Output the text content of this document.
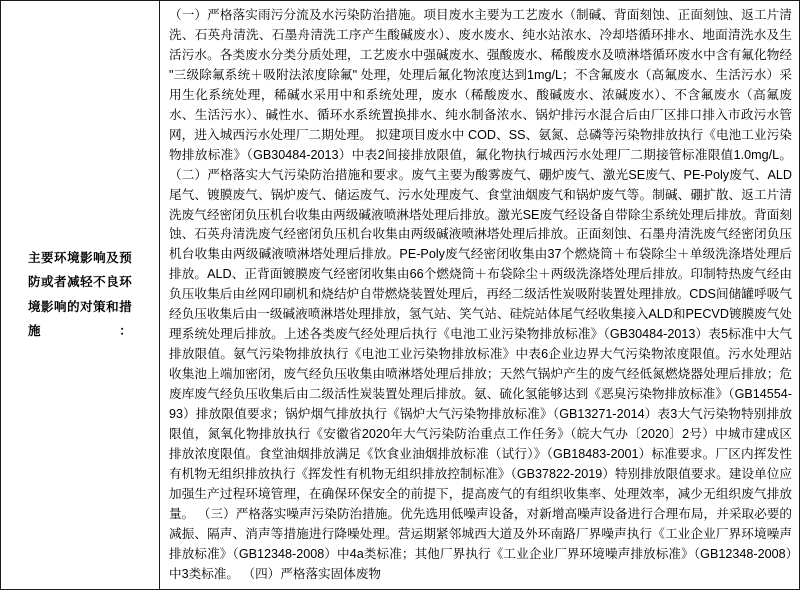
主要环境影响及预防或者减轻不良环境影响的对策和措施：

（一）严格落实雨污分流及水污染防治措施。项目废水主要为工艺废水（制碱、背面刻蚀、正面刻蚀、返工片清洗、石英舟清洗、石墨舟清洗工序产生酸碱废水）、废水废水、纯水站浓水、冷却塔循环排水、地面清洗水及生活污水。各类废水分类分质处理，工艺废水中强碱废水、强酸废水、稀酸废水及喷淋塔循环废水中含有氟化物经 "三级除氟系统＋吸附法浓度除氟" 处理，处理后氟化物浓度达到1mg/L；不含氟废水（高氟废水、生活污水）采用生化系统处理，稀碱水采用中和系统处理，废水（稀酸废水、酸碱废水、浓碱废水）、不含氟废水（高氟废水、生活污水）、碱性水、循环水系统置换排水、纯水制备浓水、锅炉排污水混合后由厂区排口排入市政污水管网，进入城西污水处理厂二期处理。 拟建项目废水中 COD、SS、氨氮、总磷等污染物排放执行《电池工业污染物排放标准》（GB30484-2013）中表2间接排放限值，氟化物执行城西污水处理厂二期接管标准限值1.0mg/L。 （二）严格落实大气污染防治措施和要求。废气主要为酸雾废气、硼炉废气、激光SE废气、PE-Poly废气、ALD尾气、镀膜废气、锅炉废气、储运废气、污水处理废气、食堂油烟废气和锅炉废气等。制碱、硼扩散、返工片清洗废气经密闭负压机台收集由两级碱液喷淋塔处理后排放。激光SE废气经设备自带除尘系统处理后排放。背面刻蚀、石英舟清洗废气经密闭负压机台收集由两级碱液喷淋塔处理后排放。正面刻蚀、石墨舟清洗废气经密闭负压机台收集由两级碱液喷淋塔处理后排放。PE-Poly废气经密闭收集由37个燃烧筒＋布袋除尘＋单级洗涤塔处理后排放。ALD、正背面镀膜废气经密闭收集由66个燃烧筒＋布袋除尘＋两级洗涤塔处理后排放。印制特热废气经由负压收集后由丝网印刷机和烧结炉自带燃烧装置处理后，再经二级活性炭吸附装置处理排放。CDS间储罐呼吸气经负压收集后由一级碱液喷淋塔处理排放，氢气站、笑气站、硅烷站体尾气经收集接入ALD和PECVD镀膜废气处理系统处理后排放。上述各类废气经处理后执行《电池工业污染物排放标准》（GB30484-2013）表5标准中大气排放限值。氨气污染物排放执行《电池工业污染物排放标准》中表6企业边界大气污染物浓度限值。污水处理站收集池上端加密闭，废气经负压收集由喷淋塔处理后排放；天然气锅炉产生的废气经低氮燃烧器处理后排放；危废库废气经负压收集后由二级活性炭装置处理后排放。氨、硫化氢能够达到《恶臭污染物排放标准》（GB14554-93）排放限值要求；锅炉烟气排放执行《锅炉大气污染物排放标准》（GB13271-2014）表3大气污染物特别排放限值，氮氧化物排放执行《安徽省2020年大气污染防治重点工作任务》（皖大气办〔2020〕2号）中城市建成区排放浓度限值。食堂油烟排放满足《饮食业油烟排放标准（试行）》（GB18483-2001）标准要求。厂区内挥发性有机物无组织排放执行《挥发性有机物无组织排放控制标准》（GB37822-2019）特别排放限值要求。建设单位应加强生产过程环境管理，在确保环保安全的前提下，提高废气的有组织收集率、处理效率，减少无组织废气排放量。 （三）严格落实噪声污染防治措施。优先选用低噪声设备，对新增高噪声设备进行合理布局，并采取必要的减振、隔声、消声等措施进行降噪处理。营运期紧邻城西大道及外环南路厂界噪声执行《工业企业厂界环境噪声排放标准》（GB12348-2008）中4a类标准；其他厂界执行《工业企业厂界环境噪声排放标准》（GB12348-2008）中3类标准。 （四）严格落实固体废物
